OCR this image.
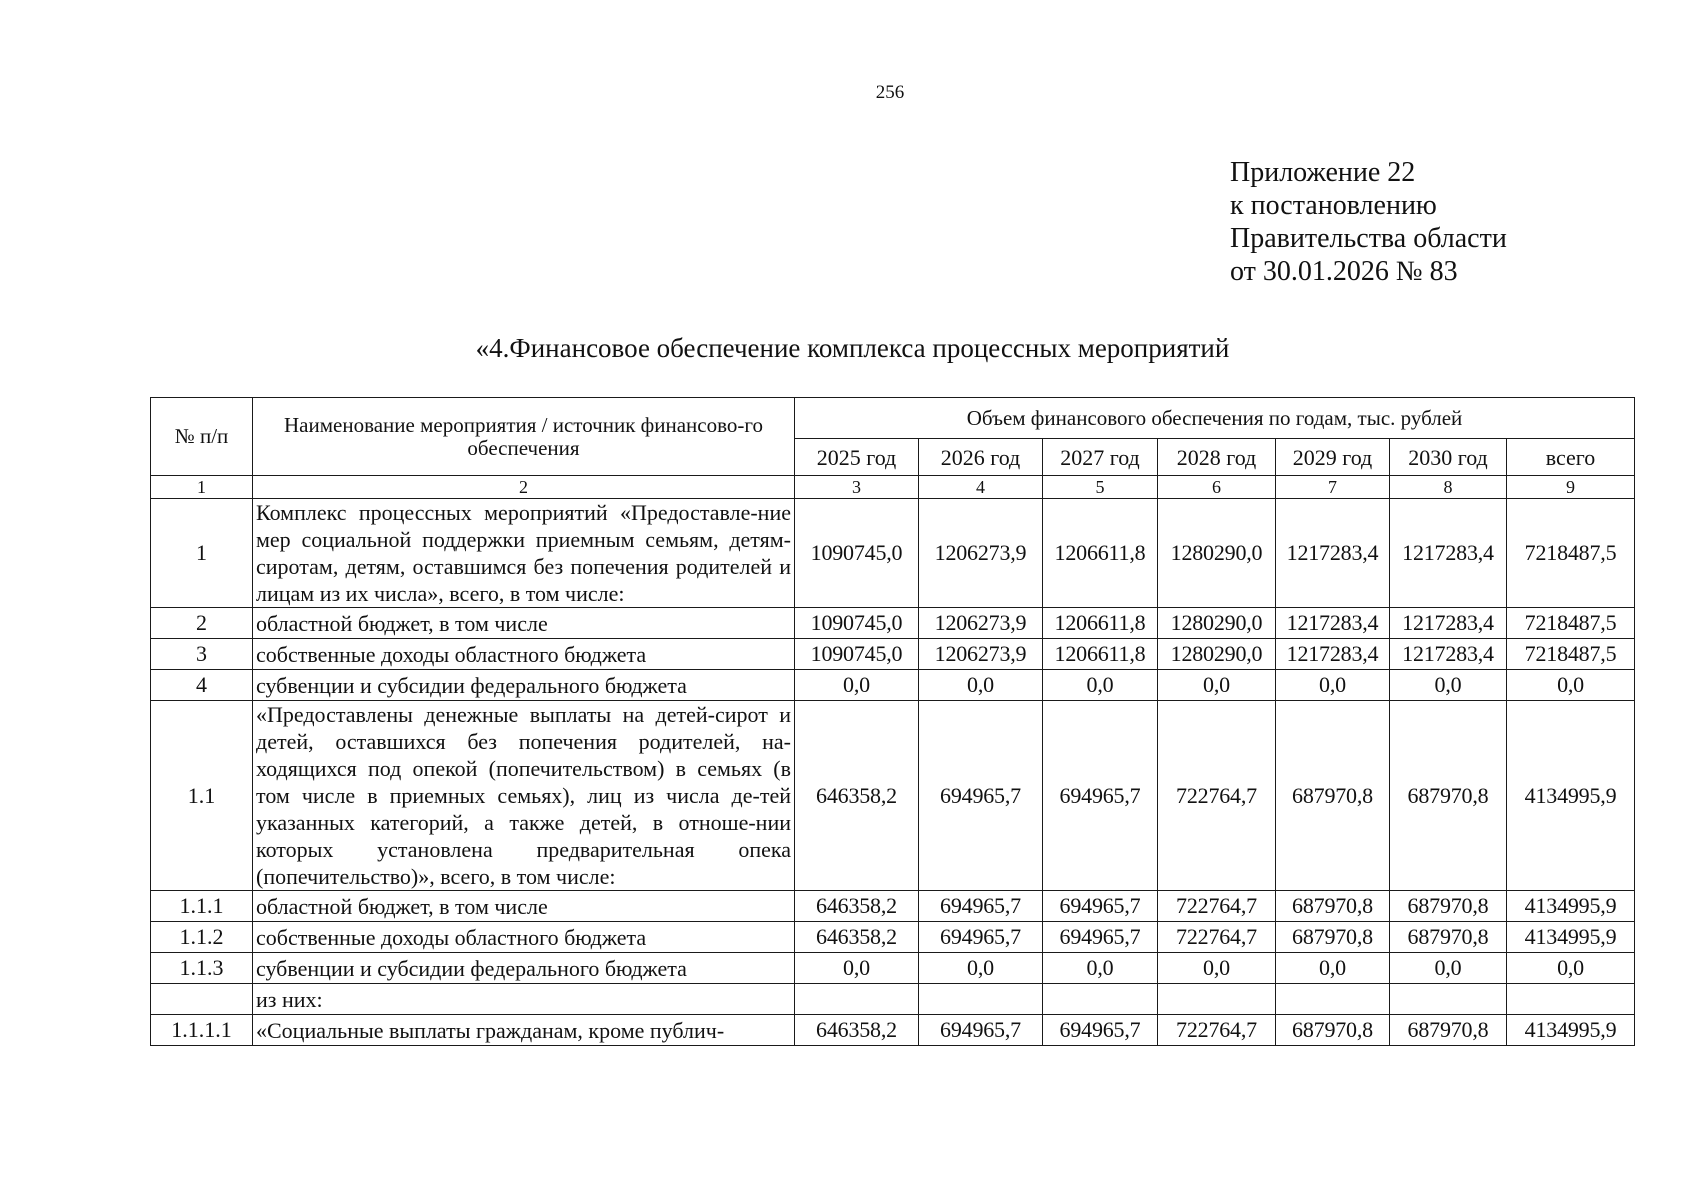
256
Приложение 22
к постановлению
Правительства области
от 30.01.2026 № 83
«4.Финансовое обеспечение комплекса процессных мероприятий
№ п/п	Наименование мероприятия / источник финансово-го обеспечения	Объем финансового обеспечения по годам, тыс. рублей						
		2025 год	2026 год	2027 год	2028 год	2029 год	2030 год	всего
1	2	3	4	5	6	7	8	9
1	Комплекс процессных мероприятий «Предоставле-ние мер социальной поддержки приемным семьям, детям-сиротам, детям, оставшимся без попечения родителей и лицам из их числа», всего, в том числе:	1090745,0	1206273,9	1206611,8	1280290,0	1217283,4	1217283,4	7218487,5
2	областной бюджет, в том числе	1090745,0	1206273,9	1206611,8	1280290,0	1217283,4	1217283,4	7218487,5
3	собственные доходы областного бюджета	1090745,0	1206273,9	1206611,8	1280290,0	1217283,4	1217283,4	7218487,5
4	субвенции и субсидии федерального бюджета	0,0	0,0	0,0	0,0	0,0	0,0	0,0
1.1	«Предоставлены денежные выплаты на детей-сирот и детей, оставшихся без попечения родителей, на-ходящихся под опекой (попечительством) в семьях (в том числе в приемных семьях), лиц из числа де-тей указанных категорий, а также детей, в отноше-нии которых установлена предварительная опека (попечительство)», всего, в том числе:	646358,2	694965,7	694965,7	722764,7	687970,8	687970,8	4134995,9
1.1.1	областной бюджет, в том числе	646358,2	694965,7	694965,7	722764,7	687970,8	687970,8	4134995,9
1.1.2	собственные доходы областного бюджета	646358,2	694965,7	694965,7	722764,7	687970,8	687970,8	4134995,9
1.1.3	субвенции и субсидии федерального бюджета	0,0	0,0	0,0	0,0	0,0	0,0	0,0
	из них:							
1.1.1.1	«Социальные выплаты гражданам, кроме публич-	646358,2	694965,7	694965,7	722764,7	687970,8	687970,8	4134995,9
